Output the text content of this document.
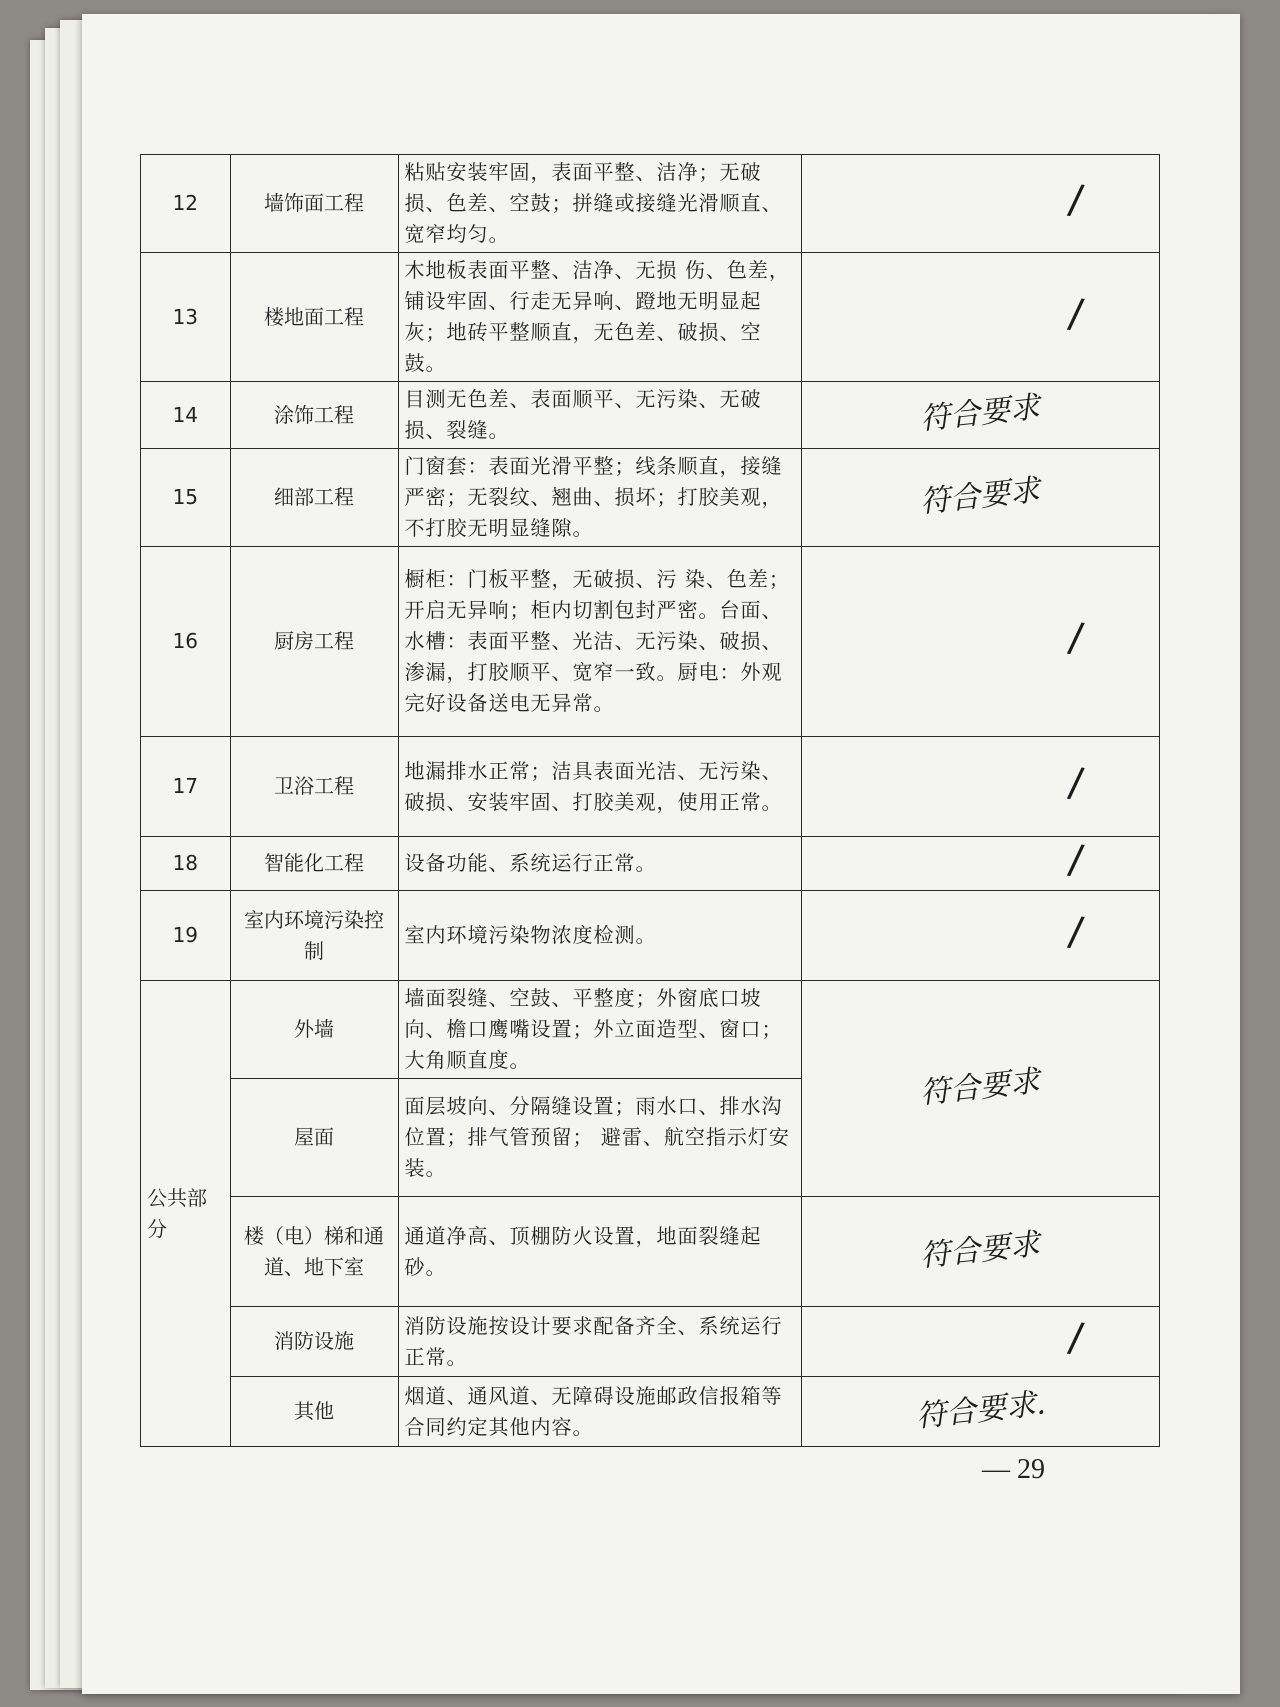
12	墙饰面工程	粘贴安装牢固，表面平整、洁净；无破损、色差、空鼓；拼缝或接缝光滑顺直、宽窄均匀。	/
13	楼地面工程	木地板表面平整、洁净、无损 伤、色差，铺设牢固、行走无异响、蹬地无明显起灰；地砖平整顺直，无色差、破损、空鼓。	/
14	涂饰工程	目测无色差、表面顺平、无污染、无破损、裂缝。	符合要求
15	细部工程	门窗套：表面光滑平整；线条顺直，接缝严密；无裂纹、翘曲、损坏；打胶美观，不打胶无明显缝隙。	符合要求
16	厨房工程	橱柜：门板平整，无破损、污 染、色差；开启无异响；柜内切割包封严密。台面、水槽：表面平整、光洁、无污染、破损、渗漏，打胶顺平、宽窄一致。厨电：外观完好设备送电无异常。	/
17	卫浴工程	地漏排水正常；洁具表面光洁、无污染、破损、安装牢固、打胶美观，使用正常。	/
18	智能化工程	设备功能、系统运行正常。	/
19	室内环境污染控制	室内环境污染物浓度检测。	/
公共部分	外墙	墙面裂缝、空鼓、平整度；外窗底口坡向、檐口鹰嘴设置；外立面造型、窗口；大角顺直度。	符合要求
	屋面	面层坡向、分隔缝设置；雨水口、排水沟位置；排气管预留； 避雷、航空指示灯安装。	
	楼（电）梯和通道、地下室	通道净高、顶棚防火设置，地面裂缝起砂。	符合要求
	消防设施	消防设施按设计要求配备齐全、系统运行正常。	/
	其他	烟道、通风道、无障碍设施邮政信报箱等合同约定其他内容。	符合要求.
— 29
